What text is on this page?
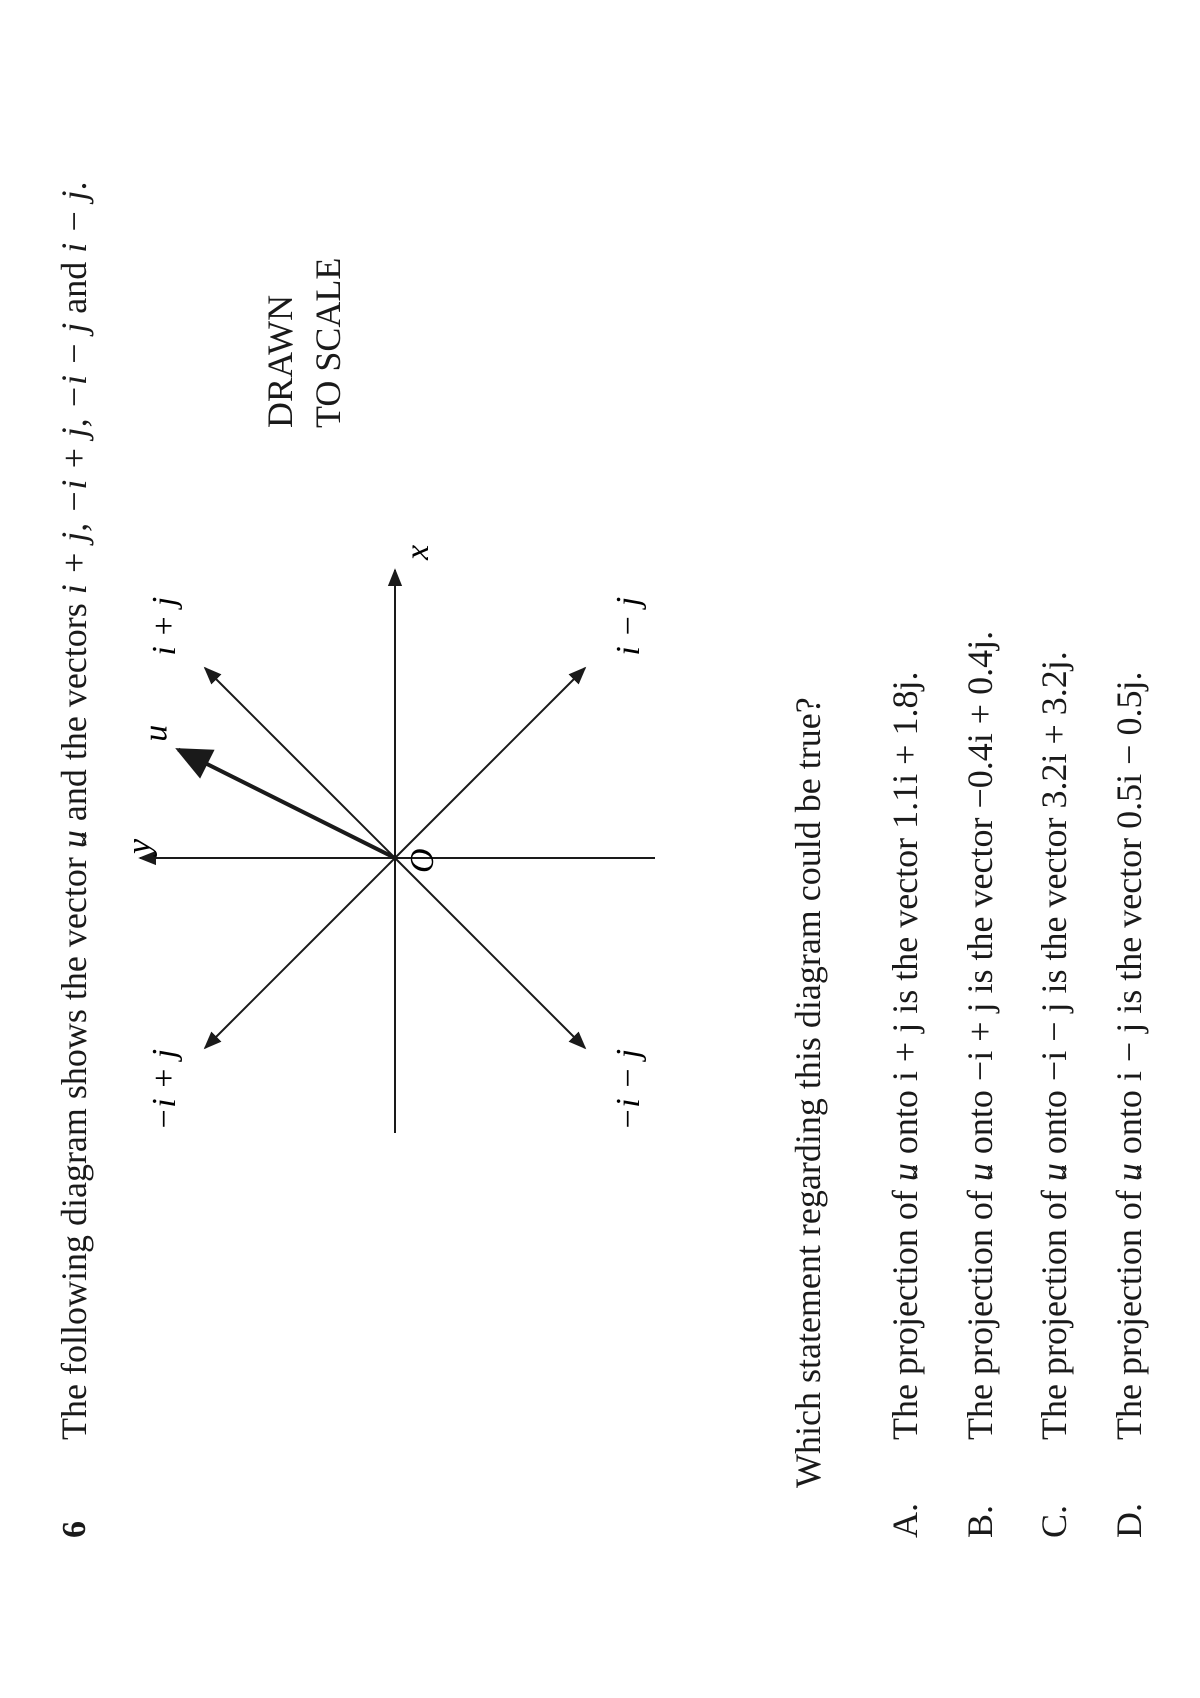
6
The following diagram shows the vector u ~ and the vectors i + j, −i + j, −i − j and i − j.
DRAWN TO SCALE
i + j
−i + j	−i − j
i − j
x
y
O
u	Which statement regarding this diagram could be true?
A.
The projection of u ~ onto i + j is the vector 1.1i + 1.8j.
B.
The projection of u ~ onto −i + j is the vector −0.4i + 0.4j.
C.
The projection of u ~ onto −i − j is the vector 3.2i + 3.2j.
D.
The projection of u ~ onto i − j is the vector 0.5i − 0.5j.
